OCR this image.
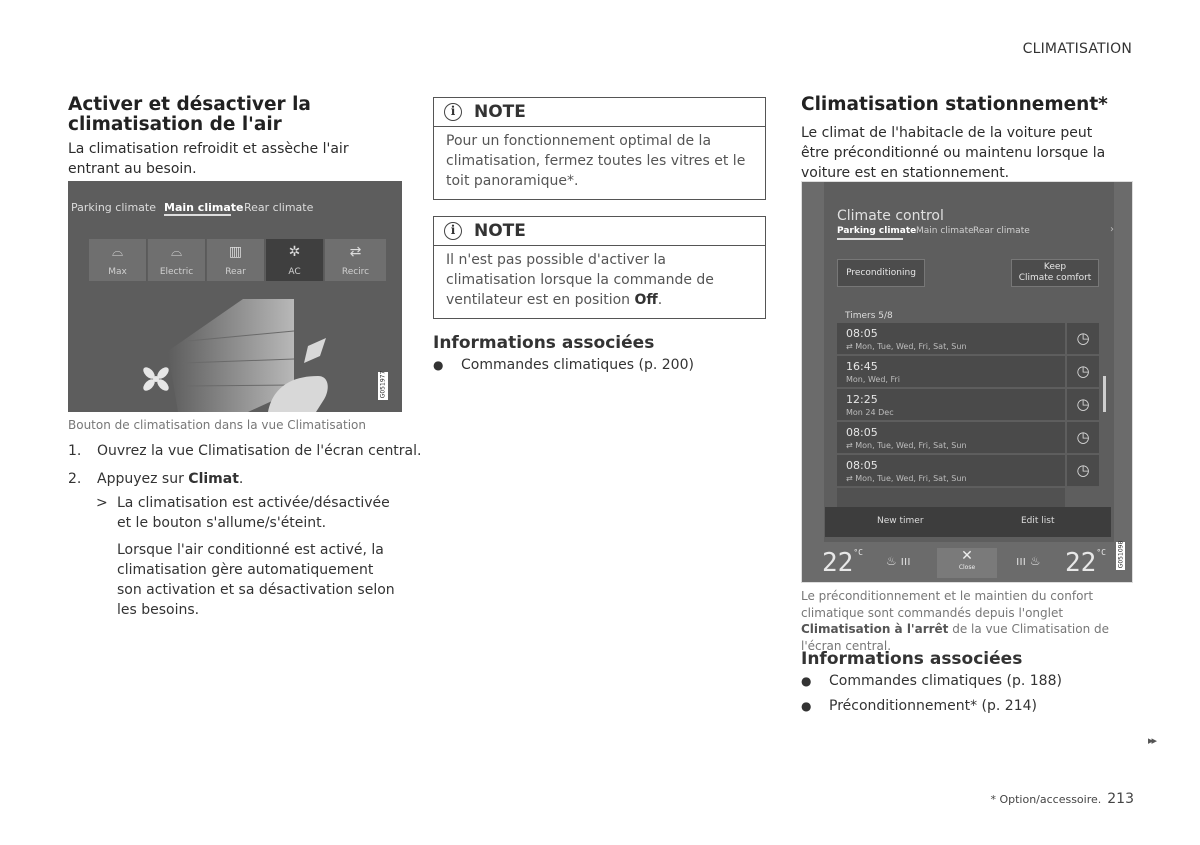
CLIMATISATION
Activer et désactiver la climatisation de l'air
La climatisation refroidit et assèche l'air entrant au besoin.
Parking climate Main climate Rear climate
⌓
Max
⌓
Electric
▥
Rear
✲
AC
⇄
Recirc
G051977
Bouton de climatisation dans la vue Climatisation
1. Ouvrez la vue Climatisation de l'écran central.
2. Appuyez sur Climat.
> La climatisation est activée/désactivée et le bouton s'allume/s'éteint.
Lorsque l'air conditionné est activé, la climatisation gère automatiquement son activation et sa désactivation selon les besoins.
i	NOTE
Pour un fonctionnement optimal de la climatisation, fermez toutes les vitres et le toit panoramique*.
i	NOTE
Il n'est pas possible d'activer la climatisation lorsque la commande de ventilateur est en position Off.
Informations associées
● Commandes climatiques (p. 200)
Climatisation stationnement*
Le climat de l'habitacle de la voiture peut être préconditionné ou maintenu lorsque la voiture est en stationnement.
Climate control
Parking climate Main climate Rear climate	›
Preconditioning
Keep
Climate comfort
Timers 5/8
08:05
⇄ Mon, Tue, Wed, Fri, Sat, Sun	◷
16:45
Mon, Wed, Fri	◷
12:25
Mon 24 Dec	◷
08:05
⇄ Mon, Tue, Wed, Fri, Sat, Sun	◷
08:05
⇄ Mon, Tue, Wed, Fri, Sat, Sun	◷
New timer	Edit list
$22^{^\circ C}$
♨ ııı	✕
Close	ııı ♨ $22^{^\circ C}$ G051098
Le préconditionnement et le maintien du confort climatique sont commandés depuis l'onglet Climatisation à l'arrêt de la vue Climatisation de l'écran central.
Informations associées
● Commandes climatiques (p. 188)
● Préconditionnement* (p. 214)
▸▸
* Option/accessoire. 213
